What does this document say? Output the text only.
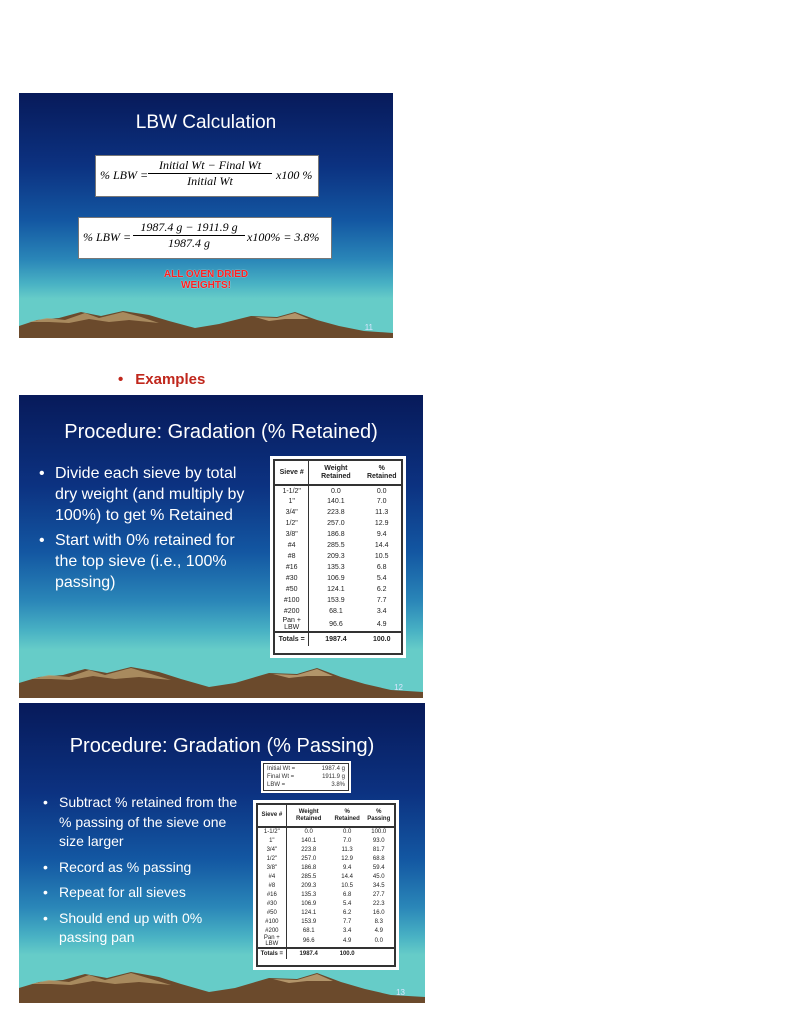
LBW Calculation
% LBW =
Initial Wt − Final Wt
Initial Wt	x100 %
% LBW = $\frac{1987.4 g - 1911.9 g}{1987.4 g} x100\% = 3.8\%$
ALL OVEN DRIED
WEIGHTS!
11
• Examples
Procedure: Gradation (% Retained)
• Divide each sieve by total dry weight (and multiply by 100%) to get % Retained
• Start with 0% retained for the top sieve (i.e., 100% passing)
Sieve #	Weight Retained	% Retained
1-1/2"	0.0	0.0
1"	140.1	7.0
3/4"	223.8	11.3
1/2"	257.0	12.9
3/8"	186.8	9.4
#4	285.5	14.4
#8	209.3	10.5
#16	135.3	6.8
#30	106.9	5.4
#50	124.1	6.2
#100	153.9	7.7
#200	68.1	3.4
Pan + LBW	96.6	4.9
Totals =	1987.4	100.0
12
Procedure: Gradation (% Passing)
Initial Wt =	1987.4 g
Final Wt =	1911.9 g
LBW =	3.8%
• Subtract % retained from the % passing of the sieve one size larger
• Record as % passing
• Repeat for all sieves
• Should end up with 0% passing pan
Sieve #	Weight Retained	% Retained	% Passing
1-1/2"	0.0	0.0	100.0
1"	140.1	7.0	93.0
3/4"	223.8	11.3	81.7
1/2"	257.0	12.9	68.8
3/8"	186.8	9.4	59.4
#4	285.5	14.4	45.0
#8	209.3	10.5	34.5
#16	135.3	6.8	27.7
#30	106.9	5.4	22.3
#50	124.1	6.2	16.0
#100	153.9	7.7	8.3
#200	68.1	3.4	4.9
Pan + LBW	96.6	4.9	0.0
Totals =	1987.4	100.0	
13
